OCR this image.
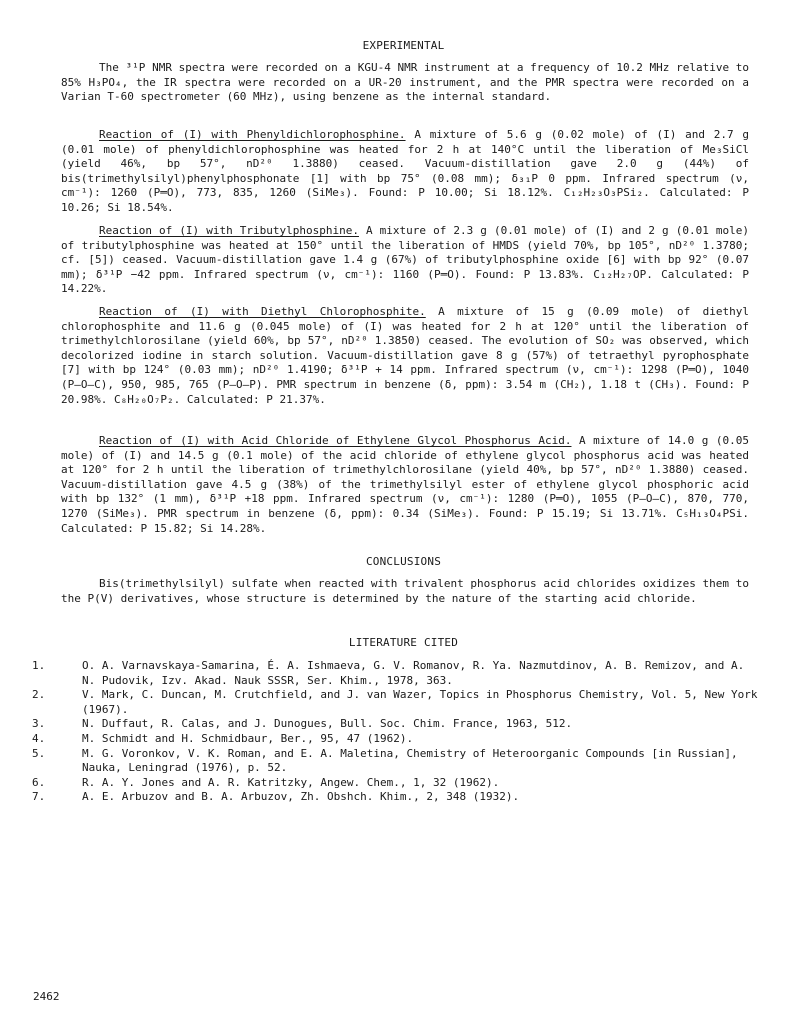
EXPERIMENTAL

The ³¹P NMR spectra were recorded on a KGU-4 NMR instrument at a frequency of 10.2 MHz relative to 85% H₃PO₄, the IR spectra were recorded on a UR-20 instrument, and the PMR spectra were recorded on a Varian T-60 spectrometer (60 MHz), using benzene as the internal standard.

Reaction of (I) with Phenyldichlorophosphine. A mixture of 5.6 g (0.02 mole) of (I) and 2.7 g (0.01 mole) of phenyldichlorophosphine was heated for 2 h at 140°C until the liberation of Me₃SiCl (yield 46%, bp 57°, nD²⁰ 1.3880) ceased. Vacuum-distillation gave 2.0 g (44%) of bis(trimethylsilyl)phenylphosphonate [1] with bp 75° (0.08 mm); δ₃₁P 0 ppm. Infrared spectrum (ν, cm⁻¹): 1260 (P═O), 773, 835, 1260 (SiMe₃). Found: P 10.00; Si 18.12%. C₁₂H₂₃O₃PSi₂. Calculated: P 10.26; Si 18.54%.

Reaction of (I) with Tributylphosphine. A mixture of 2.3 g (0.01 mole) of (I) and 2 g (0.01 mole) of tributylphosphine was heated at 150° until the liberation of HMDS (yield 70%, bp 105°, nD²⁰ 1.3780; cf. [5]) ceased. Vacuum-distillation gave 1.4 g (67%) of tributylphosphine oxide [6] with bp 92° (0.07 mm); δ³¹P −42 ppm. Infrared spectrum (ν, cm⁻¹): 1160 (P═O). Found: P 13.83%. C₁₂H₂₇OP. Calculated: P 14.22%.

Reaction of (I) with Diethyl Chlorophosphite. A mixture of 15 g (0.09 mole) of diethyl chlorophosphite and 11.6 g (0.045 mole) of (I) was heated for 2 h at 120° until the liberation of trimethylchlorosilane (yield 60%, bp 57°, nD²⁰ 1.3850) ceased. The evolution of SO₂ was observed, which decolorized iodine in starch solution. Vacuum-distillation gave 8 g (57%) of tetraethyl pyrophosphate [7] with bp 124° (0.03 mm); nD²⁰ 1.4190; δ³¹P + 14 ppm. Infrared spectrum (ν, cm⁻¹): 1298 (P═O), 1040 (P–O–C), 950, 985, 765 (P–O–P). PMR spectrum in benzene (δ, ppm): 3.54 m (CH₂), 1.18 t (CH₃). Found: P 20.98%. C₈H₂₀O₇P₂. Calculated: P 21.37%.

Reaction of (I) with Acid Chloride of Ethylene Glycol Phosphorus Acid. A mixture of 14.0 g (0.05 mole) of (I) and 14.5 g (0.1 mole) of the acid chloride of ethylene glycol phosphorus acid was heated at 120° for 2 h until the liberation of trimethylchlorosilane (yield 40%, bp 57°, nD²⁰ 1.3880) ceased. Vacuum-distillation gave 4.5 g (38%) of the trimethylsilyl ester of ethylene glycol phosphoric acid with bp 132° (1 mm), δ³¹P +18 ppm. Infrared spectrum (ν, cm⁻¹): 1280 (P═O), 1055 (P–O–C), 870, 770, 1270 (SiMe₃). PMR spectrum in benzene (δ, ppm): 0.34 (SiMe₃). Found: P 15.19; Si 13.71%. C₅H₁₃O₄PSi. Calculated: P 15.82; Si 14.28%.

CONCLUSIONS

Bis(trimethylsilyl) sulfate when reacted with trivalent phosphorus acid chlorides oxidizes them to the P(V) derivatives, whose structure is determined by the nature of the starting acid chloride.

LITERATURE CITED

1.	O. A. Varnavskaya-Samarina, É. A. Ishmaeva, G. V. Romanov, R. Ya. Nazmutdinov, A. B. Remizov, and A. N. Pudovik, Izv. Akad. Nauk SSSR, Ser. Khim., 1978, 363.

2.	V. Mark, C. Duncan, M. Crutchfield, and J. van Wazer, Topics in Phosphorus Chemistry, Vol. 5, New York (1967).

3.	N. Duffaut, R. Calas, and J. Dunogues, Bull. Soc. Chim. France, 1963, 512.

4.	M. Schmidt and H. Schmidbaur, Ber., 95, 47 (1962).

5.	M. G. Voronkov, V. K. Roman, and E. A. Maletina, Chemistry of Heteroorganic Compounds [in Russian], Nauka, Leningrad (1976), p. 52.

6.	R. A. Y. Jones and A. R. Katritzky, Angew. Chem., 1, 32 (1962).

7.	A. E. Arbuzov and B. A. Arbuzov, Zh. Obshch. Khim., 2, 348 (1932).

2462
